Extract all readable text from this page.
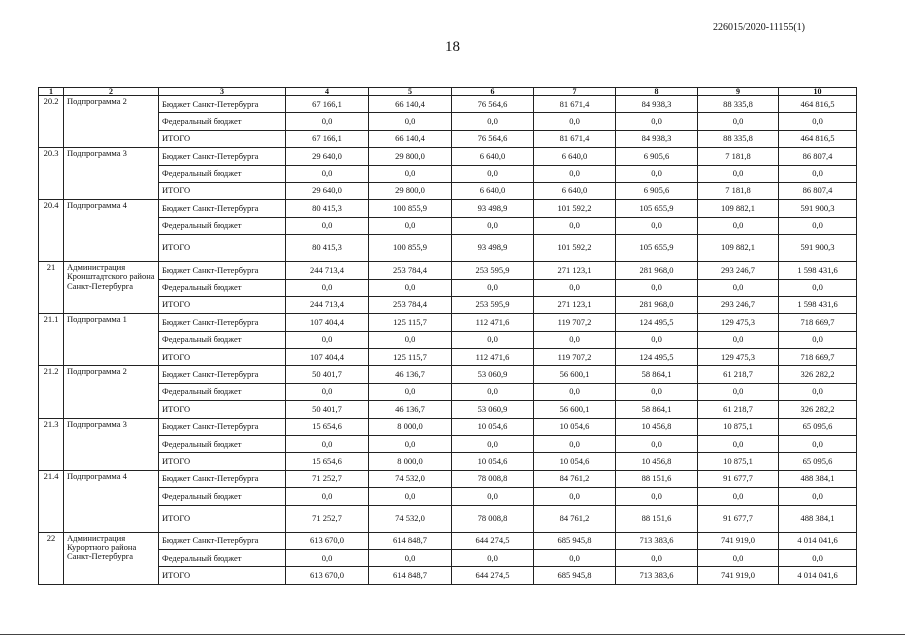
226015/2020-11155(1)
18
1	2	3	4	5	6	7	8	9	10
20.2	Подпрограмма 2	Бюджет Санкт-Петербурга	67 166,1	66 140,4	76 564,6	81 671,4	84 938,3	88 335,8	464 816,5
		Федеральный бюджет	0,0	0,0	0,0	0,0	0,0	0,0	0,0
		ИТОГО	67 166,1	66 140,4	76 564,6	81 671,4	84 938,3	88 335,8	464 816,5
20.3	Подпрограмма 3	Бюджет Санкт-Петербурга	29 640,0	29 800,0	6 640,0	6 640,0	6 905,6	7 181,8	86 807,4
		Федеральный бюджет	0,0	0,0	0,0	0,0	0,0	0,0	0,0
		ИТОГО	29 640,0	29 800,0	6 640,0	6 640,0	6 905,6	7 181,8	86 807,4
20.4	Подпрограмма 4	Бюджет Санкт-Петербурга	80 415,3	100 855,9	93 498,9	101 592,2	105 655,9	109 882,1	591 900,3
		Федеральный бюджет	0,0	0,0	0,0	0,0	0,0	0,0	0,0
		ИТОГО	80 415,3	100 855,9	93 498,9	101 592,2	105 655,9	109 882,1	591 900,3
21	Администрация Кронштадтского района Санкт-Петербурга	Бюджет Санкт-Петербурга	244 713,4	253 784,4	253 595,9	271 123,1	281 968,0	293 246,7	1 598 431,6
		Федеральный бюджет	0,0	0,0	0,0	0,0	0,0	0,0	0,0
		ИТОГО	244 713,4	253 784,4	253 595,9	271 123,1	281 968,0	293 246,7	1 598 431,6
21.1	Подпрограмма 1	Бюджет Санкт-Петербурга	107 404,4	125 115,7	112 471,6	119 707,2	124 495,5	129 475,3	718 669,7
		Федеральный бюджет	0,0	0,0	0,0	0,0	0,0	0,0	0,0
		ИТОГО	107 404,4	125 115,7	112 471,6	119 707,2	124 495,5	129 475,3	718 669,7
21.2	Подпрограмма 2	Бюджет Санкт-Петербурга	50 401,7	46 136,7	53 060,9	56 600,1	58 864,1	61 218,7	326 282,2
		Федеральный бюджет	0,0	0,0	0,0	0,0	0,0	0,0	0,0
		ИТОГО	50 401,7	46 136,7	53 060,9	56 600,1	58 864,1	61 218,7	326 282,2
21.3	Подпрограмма 3	Бюджет Санкт-Петербурга	15 654,6	8 000,0	10 054,6	10 054,6	10 456,8	10 875,1	65 095,6
		Федеральный бюджет	0,0	0,0	0,0	0,0	0,0	0,0	0,0
		ИТОГО	15 654,6	8 000,0	10 054,6	10 054,6	10 456,8	10 875,1	65 095,6
21.4	Подпрограмма 4	Бюджет Санкт-Петербурга	71 252,7	74 532,0	78 008,8	84 761,2	88 151,6	91 677,7	488 384,1
		Федеральный бюджет	0,0	0,0	0,0	0,0	0,0	0,0	0,0
		ИТОГО	71 252,7	74 532,0	78 008,8	84 761,2	88 151,6	91 677,7	488 384,1
22	Администрация Курортного района Санкт-Петербурга	Бюджет Санкт-Петербурга	613 670,0	614 848,7	644 274,5	685 945,8	713 383,6	741 919,0	4 014 041,6
		Федеральный бюджет	0,0	0,0	0,0	0,0	0,0	0,0	0,0
		ИТОГО	613 670,0	614 848,7	644 274,5	685 945,8	713 383,6	741 919,0	4 014 041,6
